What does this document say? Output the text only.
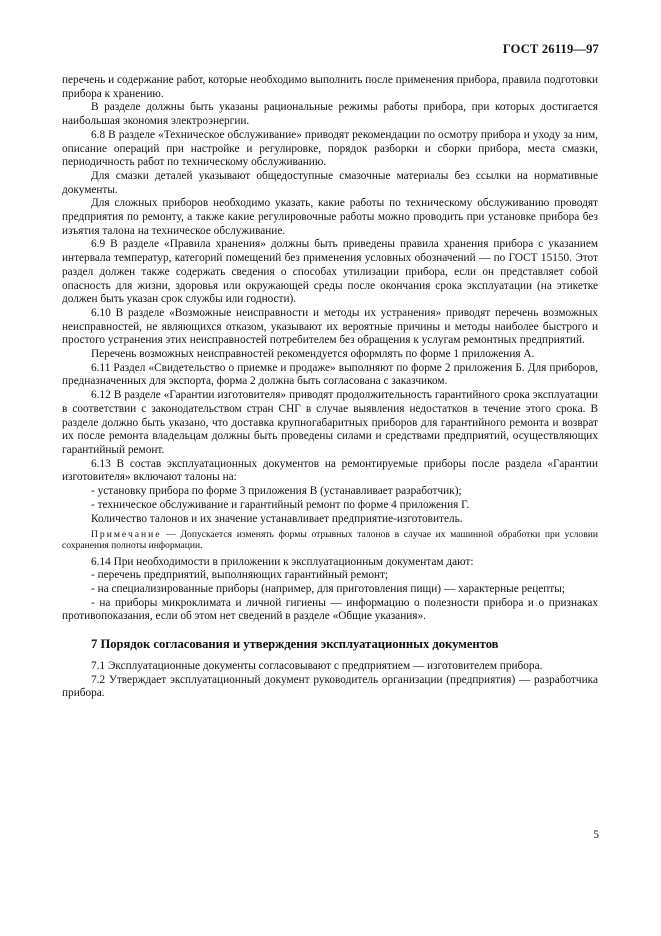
ГОСТ 26119—97

перечень и содержание работ, которые необходимо выполнить после применения прибора, правила подготовки прибора к хранению.

В разделе должны быть указаны рациональные режимы работы прибора, при которых достигается наибольшая экономия электроэнергии.

6.8 В разделе «Техническое обслуживание» приводят рекомендации по осмотру прибора и уходу за ним, описание операций при настройке и регулировке, порядок разборки и сборки прибора, места смазки, периодичность работ по техническому обслуживанию.

Для смазки деталей указывают общедоступные смазочные материалы без ссылки на нормативные документы.

Для сложных приборов необходимо указать, какие работы по техническому обслуживанию проводят предприятия по ремонту, а также какие регулировочные работы можно проводить при установке прибора без изъятия талона на техническое обслуживание.

6.9 В разделе «Правила хранения» должны быть приведены правила хранения прибора с указанием интервала температур, категорий помещений без применения условных обозначений — по ГОСТ 15150. Этот раздел должен также содержать сведения о способах утилизации прибора, если он представляет собой опасность для жизни, здоровья или окружающей среды после окончания срока эксплуатации (на этикетке должен быть указан срок службы или годности).

6.10 В разделе «Возможные неисправности и методы их устранения» приводят перечень возможных неисправностей, не являющихся отказом, указывают их вероятные причины и методы наиболее быстрого и простого устранения этих неисправностей потребителем без обращения к услугам ремонтных предприятий.

Перечень возможных неисправностей рекомендуется оформлять по форме 1 приложения А.

6.11 Раздел «Свидетельство о приемке и продаже» выполняют по форме 2 приложения Б. Для приборов, предназначенных для экспорта, форма 2 должна быть согласована с заказчиком.

6.12 В разделе «Гарантии изготовителя» приводят продолжительность гарантийного срока эксплуатации в соответствии с законодательством стран СНГ в случае выявления недостатков в течение этого срока. В разделе должно быть указано, что доставка крупногабаритных приборов для гарантийного ремонта и возврат их после ремонта владельцам должны быть проведены силами и средствами предприятий, осуществляющих гарантийный ремонт.

6.13 В состав эксплуатационных документов на ремонтируемые приборы после раздела «Гарантии изготовителя» включают талоны на:

- установку прибора по форме 3 приложения В (устанавливает разработчик);

- техническое обслуживание и гарантийный ремонт по форме 4 приложения Г.

Количество талонов и их значение устанавливает предприятие-изготовитель.

Примечание — Допускается изменять формы отрывных талонов в случае их машинной обработки при условии сохранения полноты информации.

6.14 При необходимости в приложении к эксплуатационным документам дают:

- перечень предприятий, выполняющих гарантийный ремонт;

- на специализированные приборы (например, для приготовления пищи) — характерные рецепты;

- на приборы микроклимата и личной гигиены — информацию о полезности прибора и о признаках противопоказания, если об этом нет сведений в разделе «Общие указания».

7 Порядок согласования и утверждения эксплуатационных документов

7.1 Эксплуатационные документы согласовывают с предприятием — изготовителем прибора.

7.2 Утверждает эксплуатационный документ руководитель организации (предприятия) — разработчика прибора.

5
